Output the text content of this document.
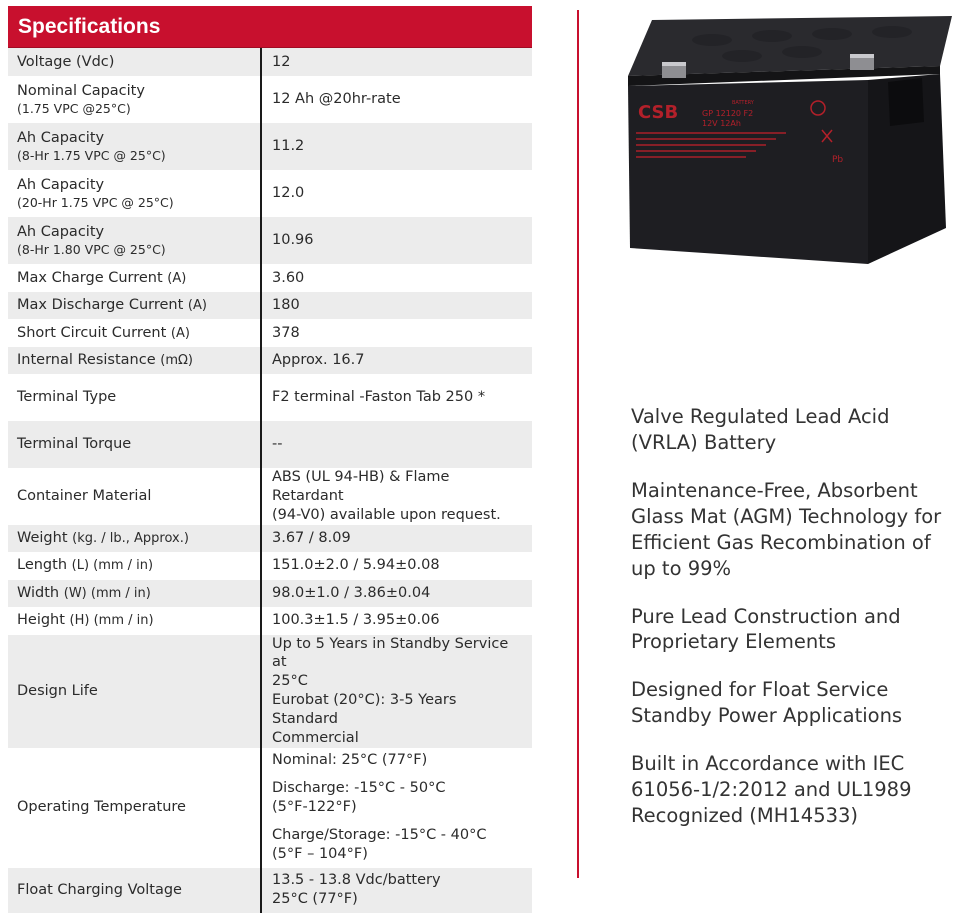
Specifications
Voltage (Vdc)	12
Nominal Capacity
(1.75 VPC @25°C)	12 Ah @20hr-rate
Ah Capacity
(8-Hr 1.75 VPC @ 25°C)	11.2
Ah Capacity
(20-Hr 1.75 VPC @ 25°C)	12.0
Ah Capacity
(8-Hr 1.80 VPC @ 25°C)	10.96
Max Charge Current (A)	3.60
Max Discharge Current (A)	180
Short Circuit Current (A)	378
Internal Resistance (mΩ)	Approx. 16.7
Terminal Type	F2 terminal -Faston Tab 250 *
Terminal Torque	--
Container Material	ABS (UL 94-HB) & Flame Retardant
(94-V0) available upon request.

Weight (kg. / lb., Approx.)	3.67 / 8.09
Length (L) (mm / in)	151.0±2.0 / 5.94±0.08
Width (W) (mm / in)	98.0±1.0 / 3.86±0.04
Height (H) (mm / in)	100.3±1.5 / 3.95±0.06
Design Life	Up to 5 Years in Standby Service at
25°C
Eurobat (20°C): 3-5 Years Standard
Commercial

Operating Temperature	Nominal: 25°C (77°F)
Discharge: -15°C - 50°C
(5°F-122°F)
Charge/Storage: -15°C - 40°C
(5°F – 104°F)

Float Charging Voltage	13.5 - 13.8 Vdc/battery
25°C (77°F)
CSB	GP 12120 F2
12V 12Ah
BATTERY
Pb
Valve Regulated Lead Acid
(VRLA) Battery
Maintenance-Free, Absorbent
Glass Mat (AGM) Technology for
Efficient Gas Recombination of
up to 99%
Pure Lead Construction and
Proprietary Elements
Designed for Float Service
Standby Power Applications
Built in Accordance with IEC
61056-1/2:2012 and UL1989
Recognized (MH14533)
